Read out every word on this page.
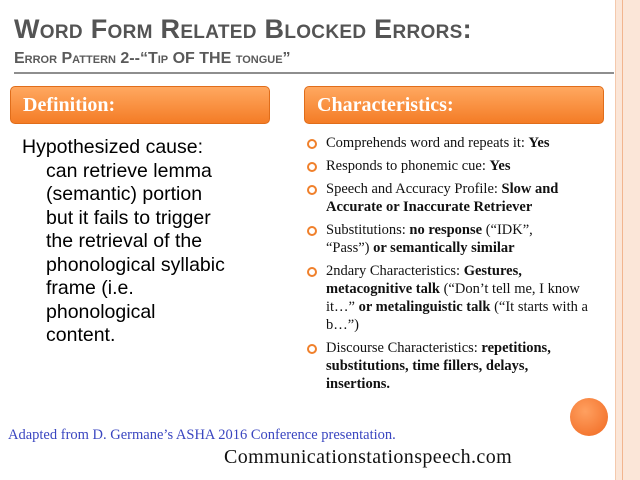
Word Form Related Blocked Errors:
Error Pattern 2--“Tip OF THE tongue”
Definition:	Characteristics:
Hypothesized cause:
can retrieve lemma
(semantic) portion
but it fails to trigger
the retrieval of the
phonological syllabic
frame (i.e.
phonological
content.
Comprehends word and repeats it: Yes
Responds to phonemic cue: Yes
Speech and Accuracy Profile: Slow and
Accurate or Inaccurate Retriever
Substitutions: no response (“IDK”,
“Pass”) or semantically similar
2ndary Characteristics: Gestures,
metacognitive talk (“Don’t tell me, I know
it…” or metalinguistic talk (“It starts with a
b…”)
Discourse Characteristics: repetitions,
substitutions, time fillers, delays,
insertions.
Adapted from D. Germane’s ASHA 2016 Conference presentation.
Communicationstationspeech.com
